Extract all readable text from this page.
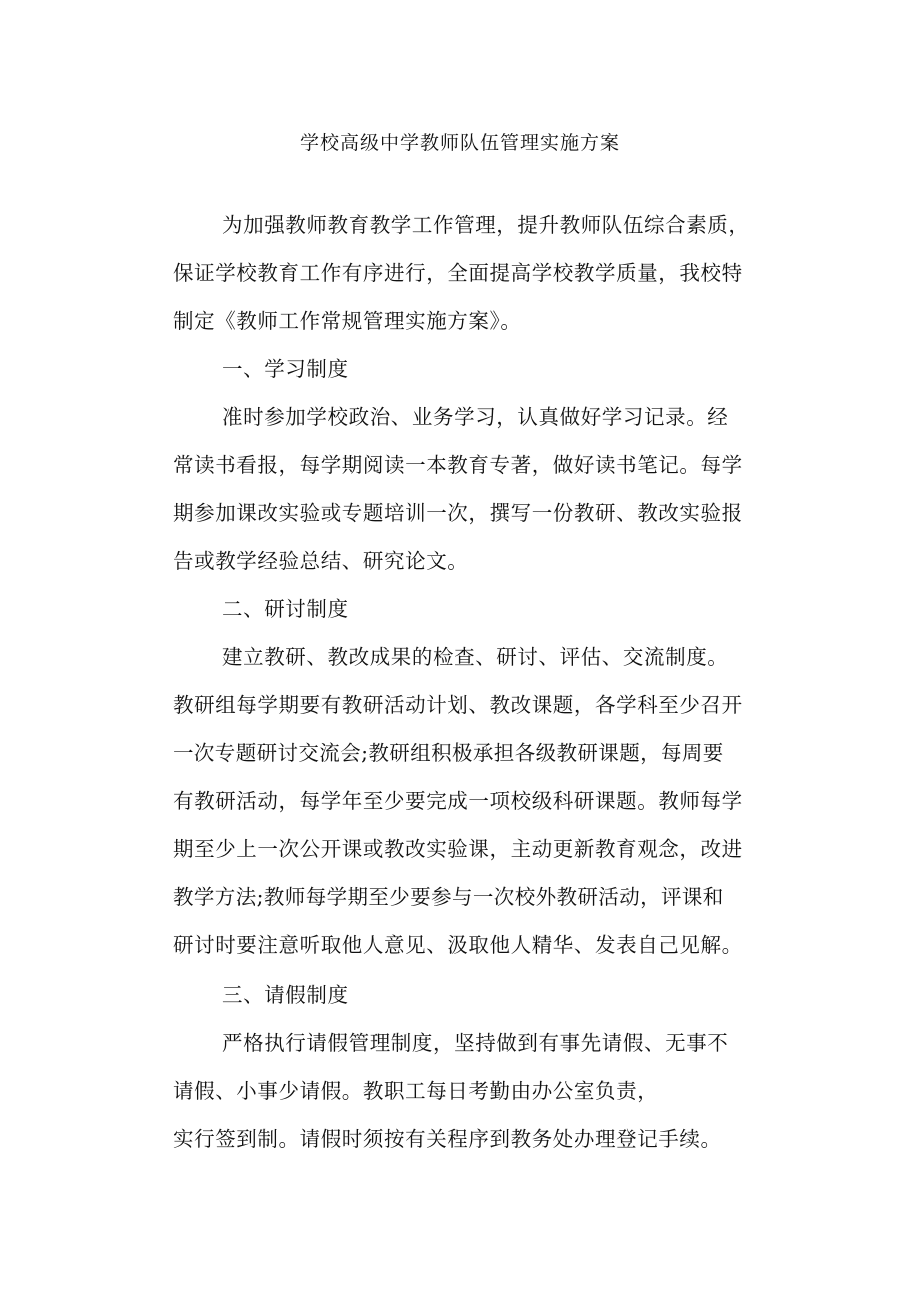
学校高级中学教师队伍管理实施方案
为加强教师教育教学工作管理，提升教师队伍综合素质，
保证学校教育工作有序进行，全面提高学校教学质量，我校特
制定《教师工作常规管理实施方案》。
一、学习制度
准时参加学校政治、业务学习，认真做好学习记录。经
常读书看报，每学期阅读一本教育专著，做好读书笔记。每学
期参加课改实验或专题培训一次，撰写一份教研、教改实验报
告或教学经验总结、研究论文。
二、研讨制度
建立教研、教改成果的检查、研讨、评估、交流制度。
教研组每学期要有教研活动计划、教改课题，各学科至少召开
一次专题研讨交流会;教研组积极承担各级教研课题，每周要
有教研活动，每学年至少要完成一项校级科研课题。教师每学
期至少上一次公开课或教改实验课，主动更新教育观念，改进
教学方法;教师每学期至少要参与一次校外教研活动，评课和
研讨时要注意听取他人意见、汲取他人精华、发表自己见解。
三、请假制度
严格执行请假管理制度，坚持做到有事先请假、无事不
请假、小事少请假。教职工每日考勤由办公室负责，
实行签到制。请假时须按有关程序到教务处办理登记手续。
